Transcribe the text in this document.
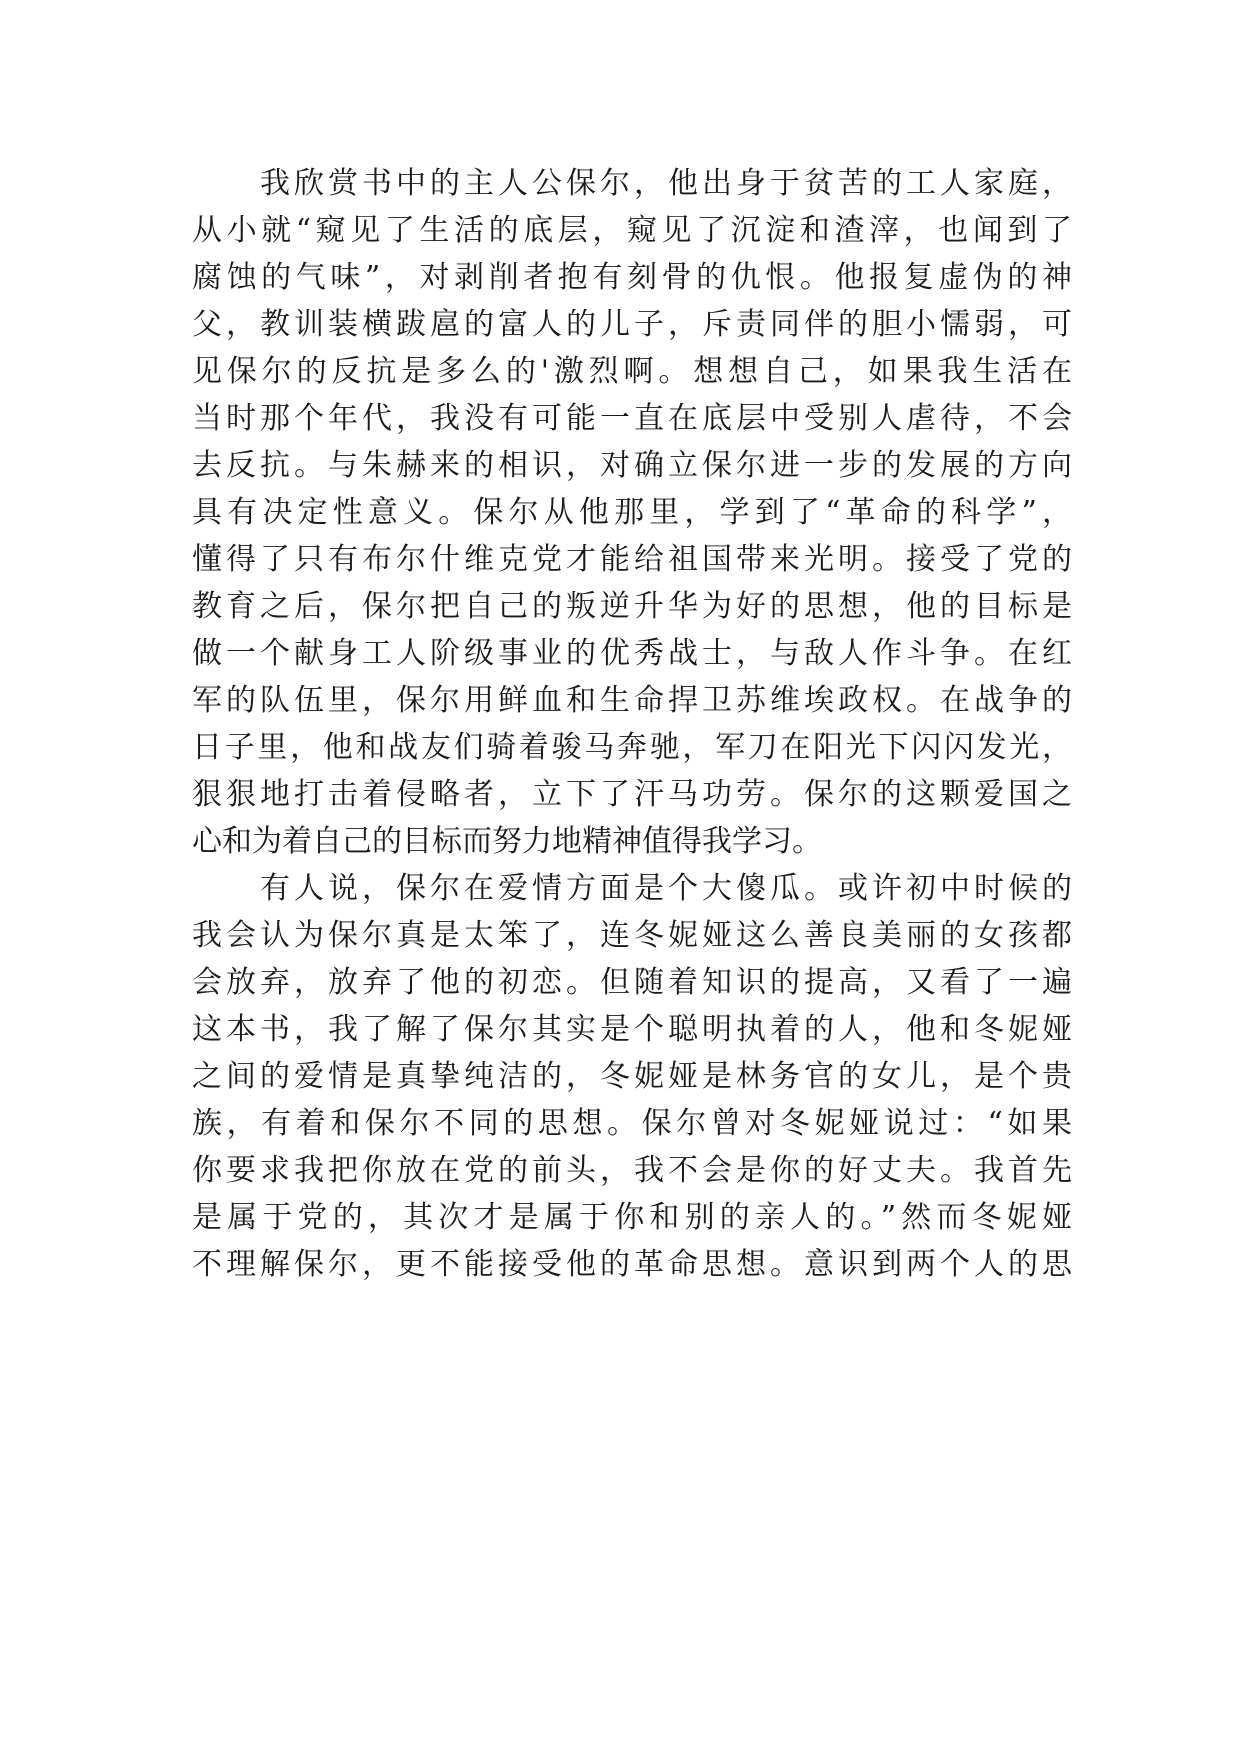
我欣赏书中的主人公保尔，他出身于贫苦的工人家庭，
从小就“窥见了生活的底层，窥见了沉淀和渣滓，也闻到了
腐蚀的气味”，对剥削者抱有刻骨的仇恨。他报复虚伪的神
父，教训装横跋扈的富人的儿子，斥责同伴的胆小懦弱，可
见保尔的反抗是多么的'激烈啊。想想自己，如果我生活在
当时那个年代，我没有可能一直在底层中受别人虐待，不会
去反抗。与朱赫来的相识，对确立保尔进一步的发展的方向
具有决定性意义。保尔从他那里，学到了“革命的科学”，
懂得了只有布尔什维克党才能给祖国带来光明。接受了党的
教育之后，保尔把自己的叛逆升华为好的思想，他的目标是
做一个献身工人阶级事业的优秀战士，与敌人作斗争。在红
军的队伍里，保尔用鲜血和生命捍卫苏维埃政权。在战争的
日子里，他和战友们骑着骏马奔驰，军刀在阳光下闪闪发光，
狠狠地打击着侵略者，立下了汗马功劳。保尔的这颗爱国之
心和为着自己的目标而努力地精神值得我学习。
有人说，保尔在爱情方面是个大傻瓜。或许初中时候的
我会认为保尔真是太笨了，连冬妮娅这么善良美丽的女孩都
会放弃，放弃了他的初恋。但随着知识的提高，又看了一遍
这本书，我了解了保尔其实是个聪明执着的人，他和冬妮娅
之间的爱情是真挚纯洁的，冬妮娅是林务官的女儿，是个贵
族，有着和保尔不同的思想。保尔曾对冬妮娅说过：“如果
你要求我把你放在党的前头，我不会是你的好丈夫。我首先
是属于党的，其次才是属于你和别的亲人的。”然而冬妮娅
不理解保尔，更不能接受他的革命思想。意识到两个人的思
